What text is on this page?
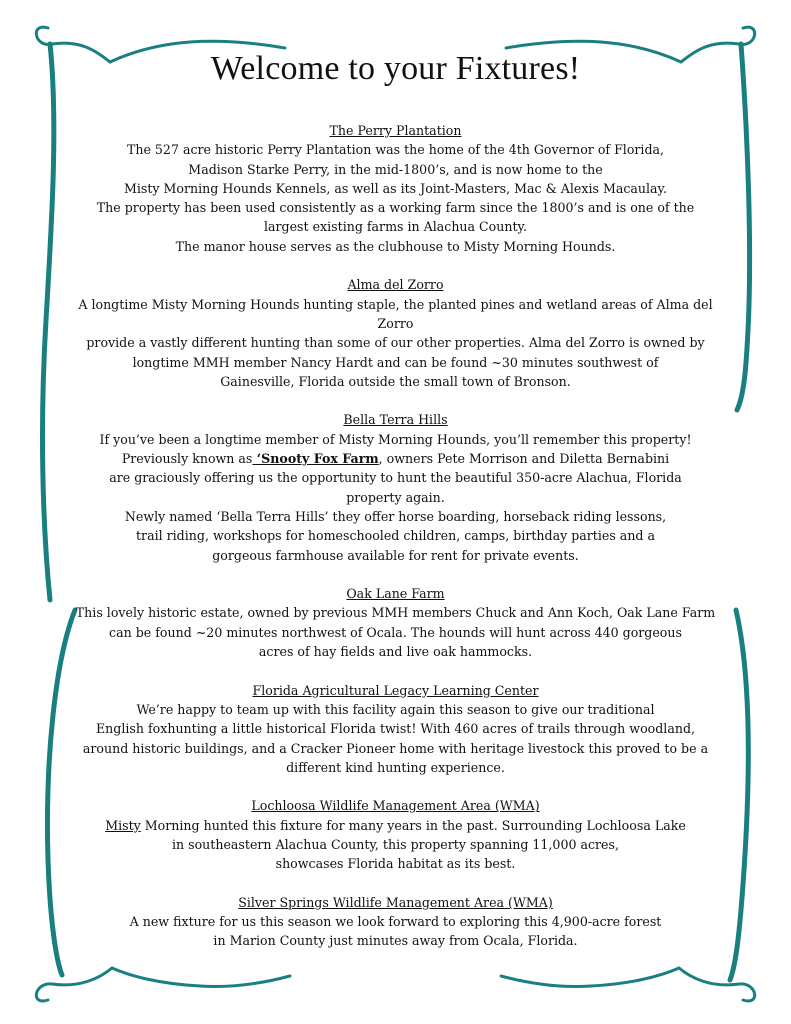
Welcome to your Fixtures!

The Perry Plantation

The 527 acre historic Perry Plantation was the home of the 4th Governor of Florida,

Madison Starke Perry, in the mid-1800’s, and is now home to the

Misty Morning Hounds Kennels, as well as its Joint-Masters, Mac & Alexis Macaulay.

The property has been used consistently as a working farm since the 1800’s and is one of the

largest existing farms in Alachua County.

The manor house serves as the clubhouse to Misty Morning Hounds.

Alma del Zorro

A longtime Misty Morning Hounds hunting staple, the planted pines and wetland areas of Alma del Zorro

provide a vastly different hunting than some of our other properties. Alma del Zorro is owned by

longtime MMH member Nancy Hardt and can be found ~30 minutes southwest of

Gainesville, Florida outside the small town of Bronson.

Bella Terra Hills

If you’ve been a longtime member of Misty Morning Hounds, you’ll remember this property!

Previously known as ‘Snooty Fox Farm, owners Pete Morrison and Diletta Bernabini

are graciously offering us the opportunity to hunt the beautiful 350-acre Alachua, Florida

property again.

Newly named ‘Bella Terra Hills’ they offer horse boarding, horseback riding lessons,

trail riding, workshops for homeschooled children, camps, birthday parties and a

gorgeous farmhouse available for rent for private events.

Oak Lane Farm

This lovely historic estate, owned by previous MMH members Chuck and Ann Koch, Oak Lane Farm

can be found ~20 minutes northwest of Ocala. The hounds will hunt across 440 gorgeous

acres of hay fields and live oak hammocks.

Florida Agricultural Legacy Learning Center

We’re happy to team up with this facility again this season to give our traditional

English foxhunting a little historical Florida twist! With 460 acres of trails through woodland,

around historic buildings, and a Cracker Pioneer home with heritage livestock this proved to be a

different kind hunting experience.

Lochloosa Wildlife Management Area (WMA)

Misty Morning hunted this fixture for many years in the past. Surrounding Lochloosa Lake

in southeastern Alachua County, this property spanning 11,000 acres,

showcases Florida habitat as its best.

Silver Springs Wildlife Management Area (WMA)

A new fixture for us this season we look forward to exploring this 4,900-acre forest

in Marion County just minutes away from Ocala, Florida.
